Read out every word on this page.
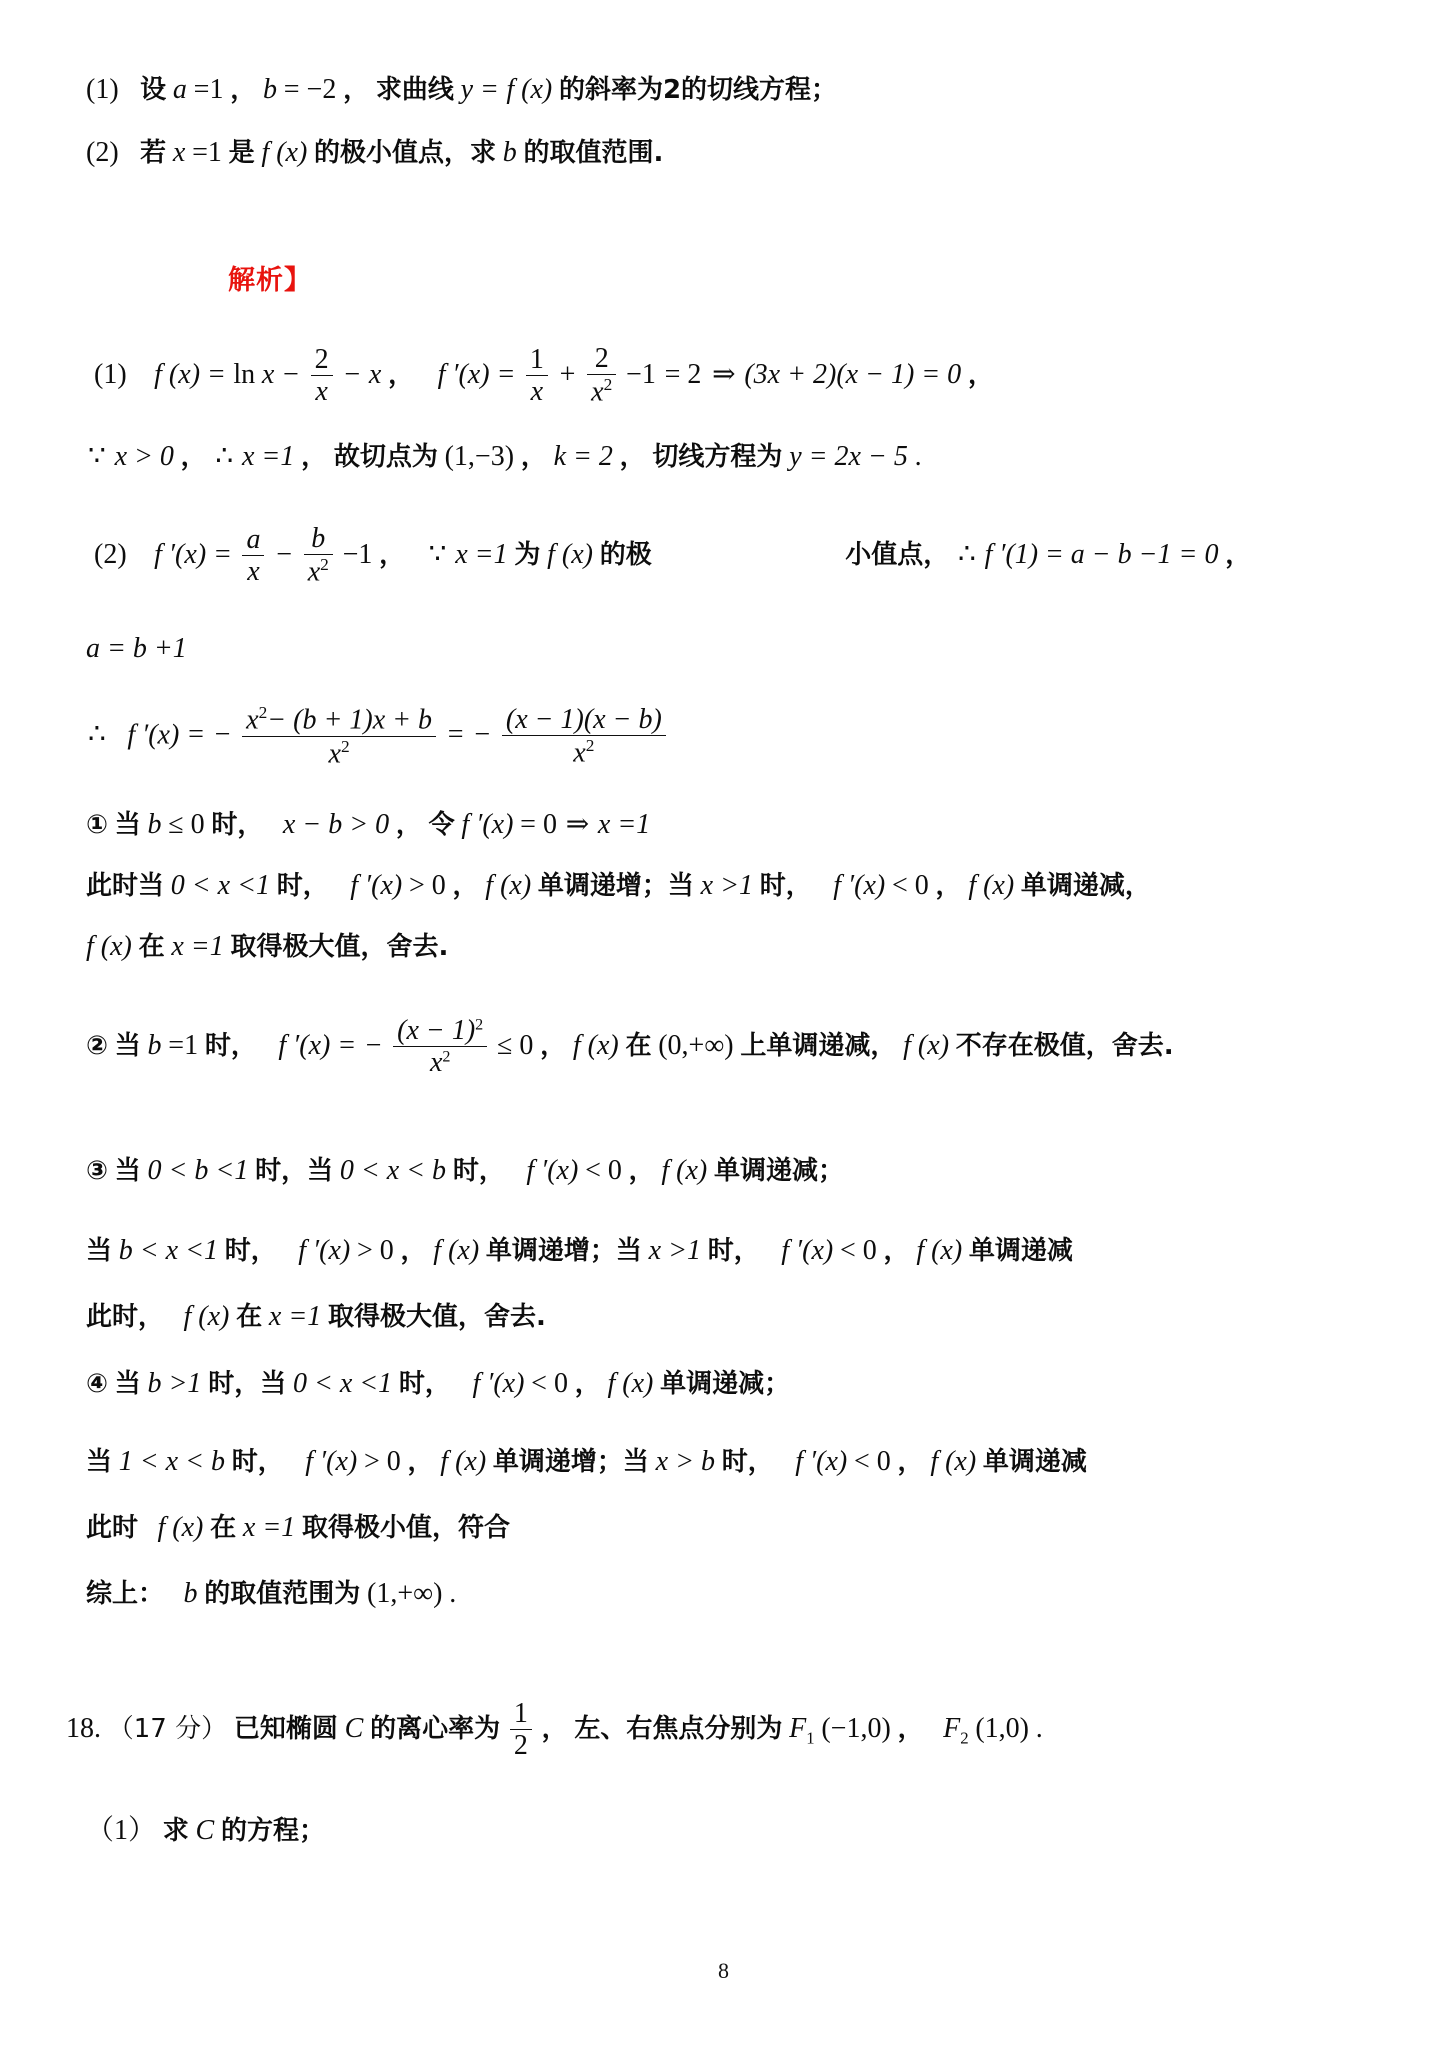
(1) 设 a =1 ， b = −2 ， 求曲线 y = f (x) 的斜率为2的切线方程；
(2) 若 x =1 是 f (x) 的极小值点，求 b 的取值范围.
解析】
(1) f $(x) = \ln x - \frac{2}{x} - x$ ， f $'(x) = \frac{1}{x} + \frac{2}{x^2} -1 = 2$ ⇒ (3x + 2)(x − 1) = 0 ，
∵ x > 0 ， ∴ x =1 ， 故切点为 (1,−3) ， k = 2 ， 切线方程为 y = 2x − 5 .
(2) f $'(x) = \frac{a}{x} - \frac{b}{x^2} -1$ ， ∵ x =1 为 f (x) 的极	小值点， ∴ f ′(1) = a − b −1 = 0 ，
a = b +1
∴ f ′(x) = − $\frac{x^2- (b + 1)x + b}{x^2}$ = − $\frac{(x - 1)(x - b)}{x^2}$
① 当 b ≤ 0 时， x − b > 0 ， 令 f ′(x) = 0 ⇒ x =1
此时当 0 < x <1 时， f ′(x) > 0 ， f (x) 单调递增；当 x >1 时， f ′(x) < 0 ， f (x) 单调递减，
f (x) 在 x =1 取得极大值，舍去.
② 当 b =1 时， f ′(x) = − $\frac{(x - 1)^2}{x^2} \le 0$ ， f (x) 在 (0,+∞) 上单调递减， f (x) 不存在极值，舍去.
③ 当 0 < b <1 时，当 0 < x < b 时， f ′(x) < 0 ， f (x) 单调递减；
当 b < x <1 时， f ′(x) > 0 ， f (x) 单调递增；当 x >1 时， f ′(x) < 0 ， f (x) 单调递减
此时， f (x) 在 x =1 取得极大值，舍去.
④ 当 b >1 时，当 0 < x <1 时， f ′(x) < 0 ， f (x) 单调递减；
当 1 < x < b 时， f ′(x) > 0 ， f (x) 单调递增；当 x > b 时， f ′(x) < 0 ， f (x) 单调递减
此时 f (x) 在 x =1 取得极小值，符合
综上： b 的取值范围为 (1,+∞) .
18. （17 分） 已知椭圆 C 的离心率为 $\frac{1}{2}$ ， 左、右焦点分别为 $F_1$ (−1,0) ， $F_2$ (1,0) .
（1） 求 C 的方程；
8
